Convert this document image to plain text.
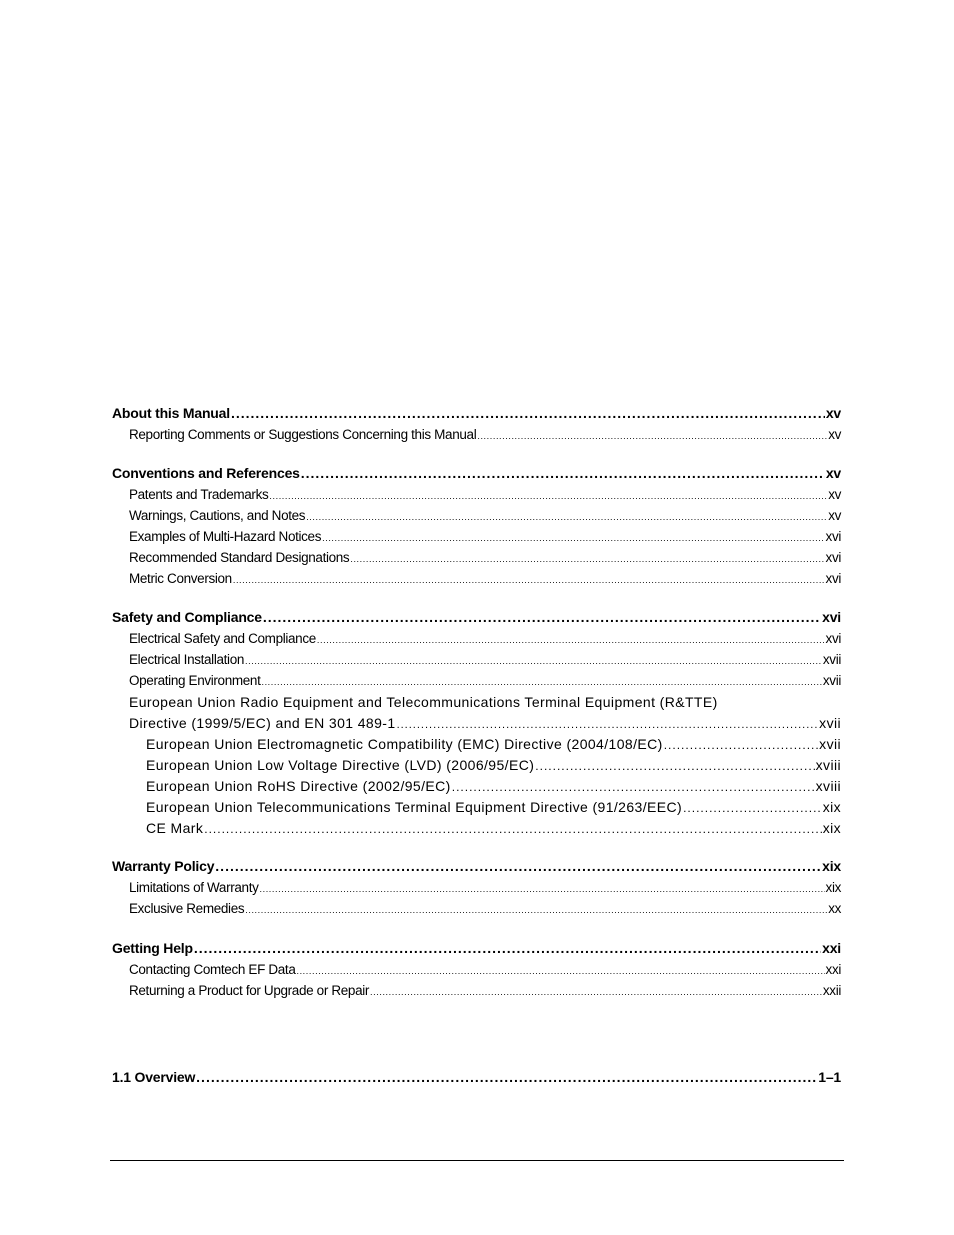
About this Manual .....	xv
Reporting Comments or Suggestions Concerning this Manual .....	xv
Conventions and References .....	xv
Patents and Trademarks .....	xv
Warnings, Cautions, and Notes .....	xv
Examples of Multi-Hazard Notices .....	xvi
Recommended Standard Designations .....	xvi
Metric Conversion .....	xvi
Safety and Compliance .....	xvi
Electrical Safety and Compliance .....	xvi
Electrical Installation .....	xvii
Operating Environment .....	xvii
European Union Radio Equipment and Telecommunications Terminal Equipment (R&TTE)
Directive (1999/5/EC) and EN 301 489-1 .....	xvii
European Union Electromagnetic Compatibility (EMC) Directive (2004/108/EC) .....	xvii
European Union Low Voltage Directive (LVD) (2006/95/EC) .....	xviii
European Union RoHS Directive (2002/95/EC) .....	xviii
European Union Telecommunications Terminal Equipment Directive (91/263/EEC) .....	xix
CE Mark .....	xix
Warranty Policy .....	xix
Limitations of Warranty .....	xix
Exclusive Remedies .....	xx
Getting Help .....	xxi
Contacting Comtech EF Data .....	xxi
Returning a Product for Upgrade or Repair .....	xxii
1.1 Overview .....	1–1
